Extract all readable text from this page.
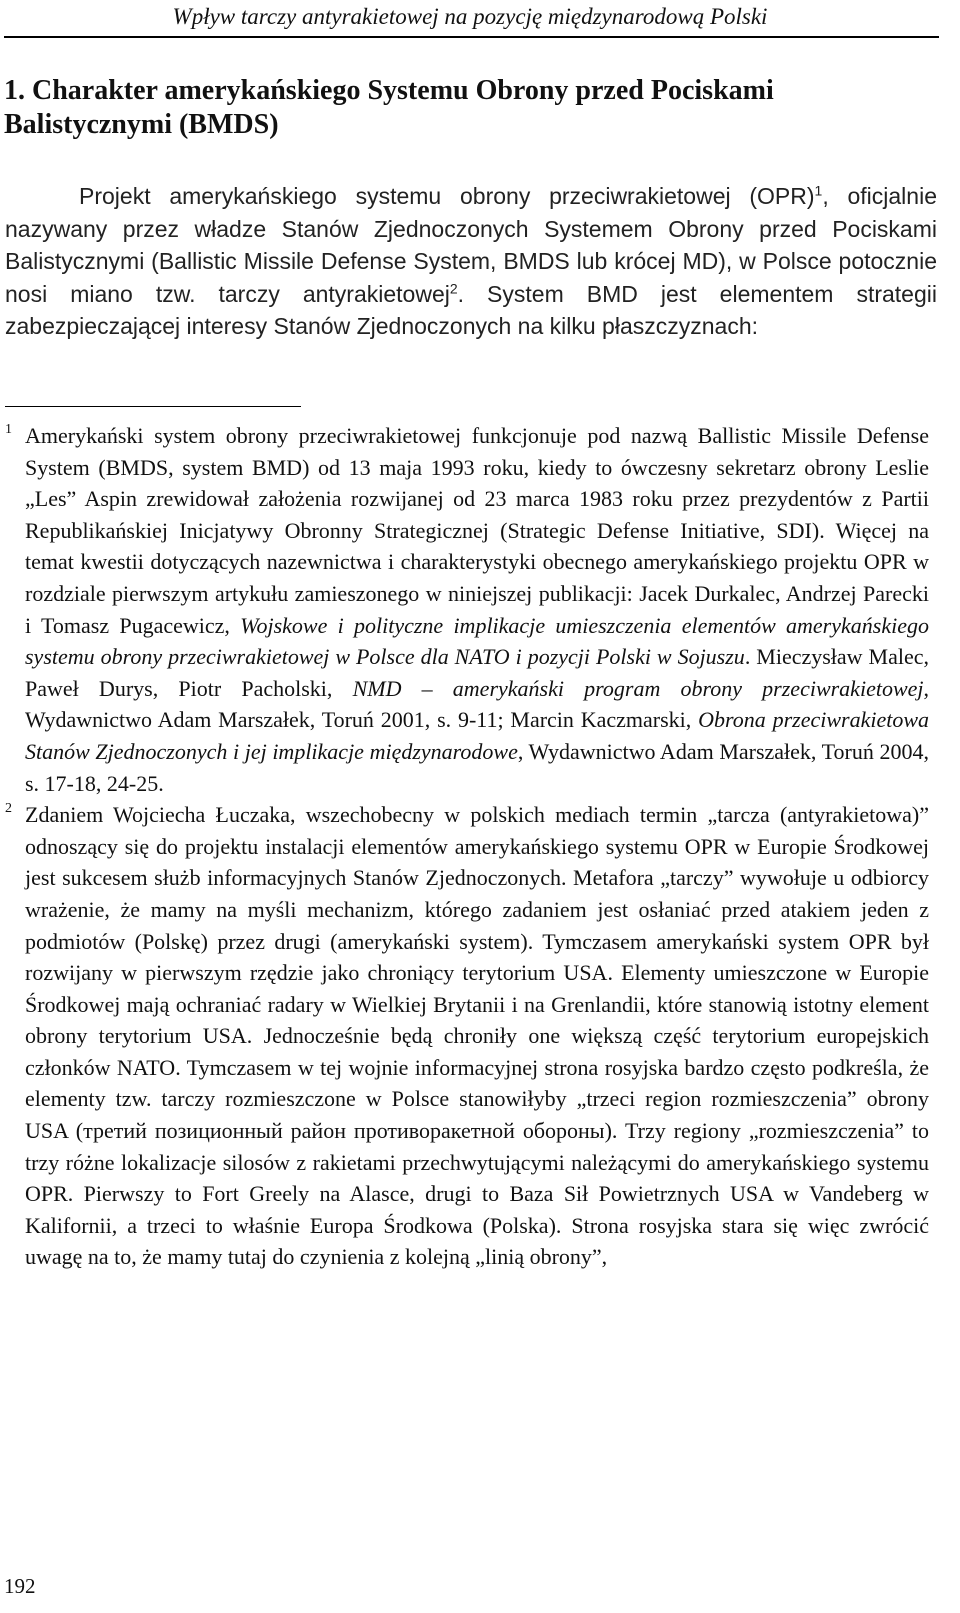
Wpływ tarczy antyrakietowej na pozycję międzynarodową Polski
1. Charakter amerykańskiego Systemu Obrony przed Pociskami Balistycznymi (BMDS)
Projekt amerykańskiego systemu obrony przeciwrakietowej (OPR)$^1$, oficjalnie nazywany przez władze Stanów Zjednoczonych Systemem Obrony przed Pociskami Balistycznymi (Ballistic Missile Defense System, BMDS lub krócej MD), w Polsce potocznie nosi miano tzw. tarczy antyrakietowej$^2$. System BMD jest elementem strategii zabezpieczającej interesy Stanów Zjednoczonych na kilku płaszczyznach:

1 Amerykański system obrony przeciwrakietowej funkcjonuje pod nazwą Ballistic Missile Defense System (BMDS, system BMD) od 13 maja 1993 roku, kiedy to ówczesny sekretarz obrony Leslie „Les” Aspin zrewidował założenia rozwijanej od 23 marca 1983 roku przez prezydentów z Partii Republikańskiej Inicjatywy Obronny Strategicznej (Strategic Defense Initiative, SDI). Więcej na temat kwestii dotyczących nazewnictwa i charakterystyki obecnego amerykańskiego projektu OPR w rozdziale pierwszym artykułu zamieszonego w niniejszej publikacji: Jacek Durkalec, Andrzej Parecki i Tomasz Pugacewicz, Wojskowe i polityczne implikacje umieszczenia elementów amerykańskiego systemu obrony przeciwrakietowej w Polsce dla NATO i pozycji Polski w Sojuszu. Mieczysław Malec, Paweł Durys, Piotr Pacholski, NMD – amerykański program obrony przeciwrakietowej, Wydawnictwo Adam Marszałek, Toruń 2001, s. 9-11; Marcin Kaczmarski, Obrona przeciwrakietowa Stanów Zjednoczonych i jej implikacje międzynarodowe, Wydawnictwo Adam Marszałek, Toruń 2004, s. 17-18, 24-25.

2 Zdaniem Wojciecha Łuczaka, wszechobecny w polskich mediach termin „tarcza (antyrakietowa)” odnoszący się do projektu instalacji elementów amerykańskiego systemu OPR w Europie Środkowej jest sukcesem służb informacyjnych Stanów Zjednoczonych. Metafora „tarczy” wywołuje u odbiorcy wrażenie, że mamy na myśli mechanizm, którego zadaniem jest osłaniać przed atakiem jeden z podmiotów (Polskę) przez drugi (amerykański system). Tymczasem amerykański system OPR był rozwijany w pierwszym rzędzie jako chroniący terytorium USA. Elementy umieszczone w Europie Środkowej mają ochraniać radary w Wielkiej Brytanii i na Grenlandii, które stanowią istotny element obrony terytorium USA. Jednocześnie będą chroniły one większą część terytorium europejskich członków NATO. Tymczasem w tej wojnie informacyjnej strona rosyjska bardzo często podkreśla, że elementy tzw. tarczy rozmieszczone w Polsce stanowiłyby „trzeci region rozmieszczenia” obrony USA (третий позиционный район противоракетной обороны). Trzy regiony „rozmieszczenia” to trzy różne lokalizacje silosów z rakietami przechwytującymi należącymi do amerykańskiego systemu OPR. Pierwszy to Fort Greely na Alasce, drugi to Baza Sił Powietrznych USA w Vandeberg w Kalifornii, a trzeci to właśnie Europa Środkowa (Polska). Strona rosyjska stara się więc zwrócić uwagę na to, że mamy tutaj do czynienia z kolejną „linią obrony”,

192
